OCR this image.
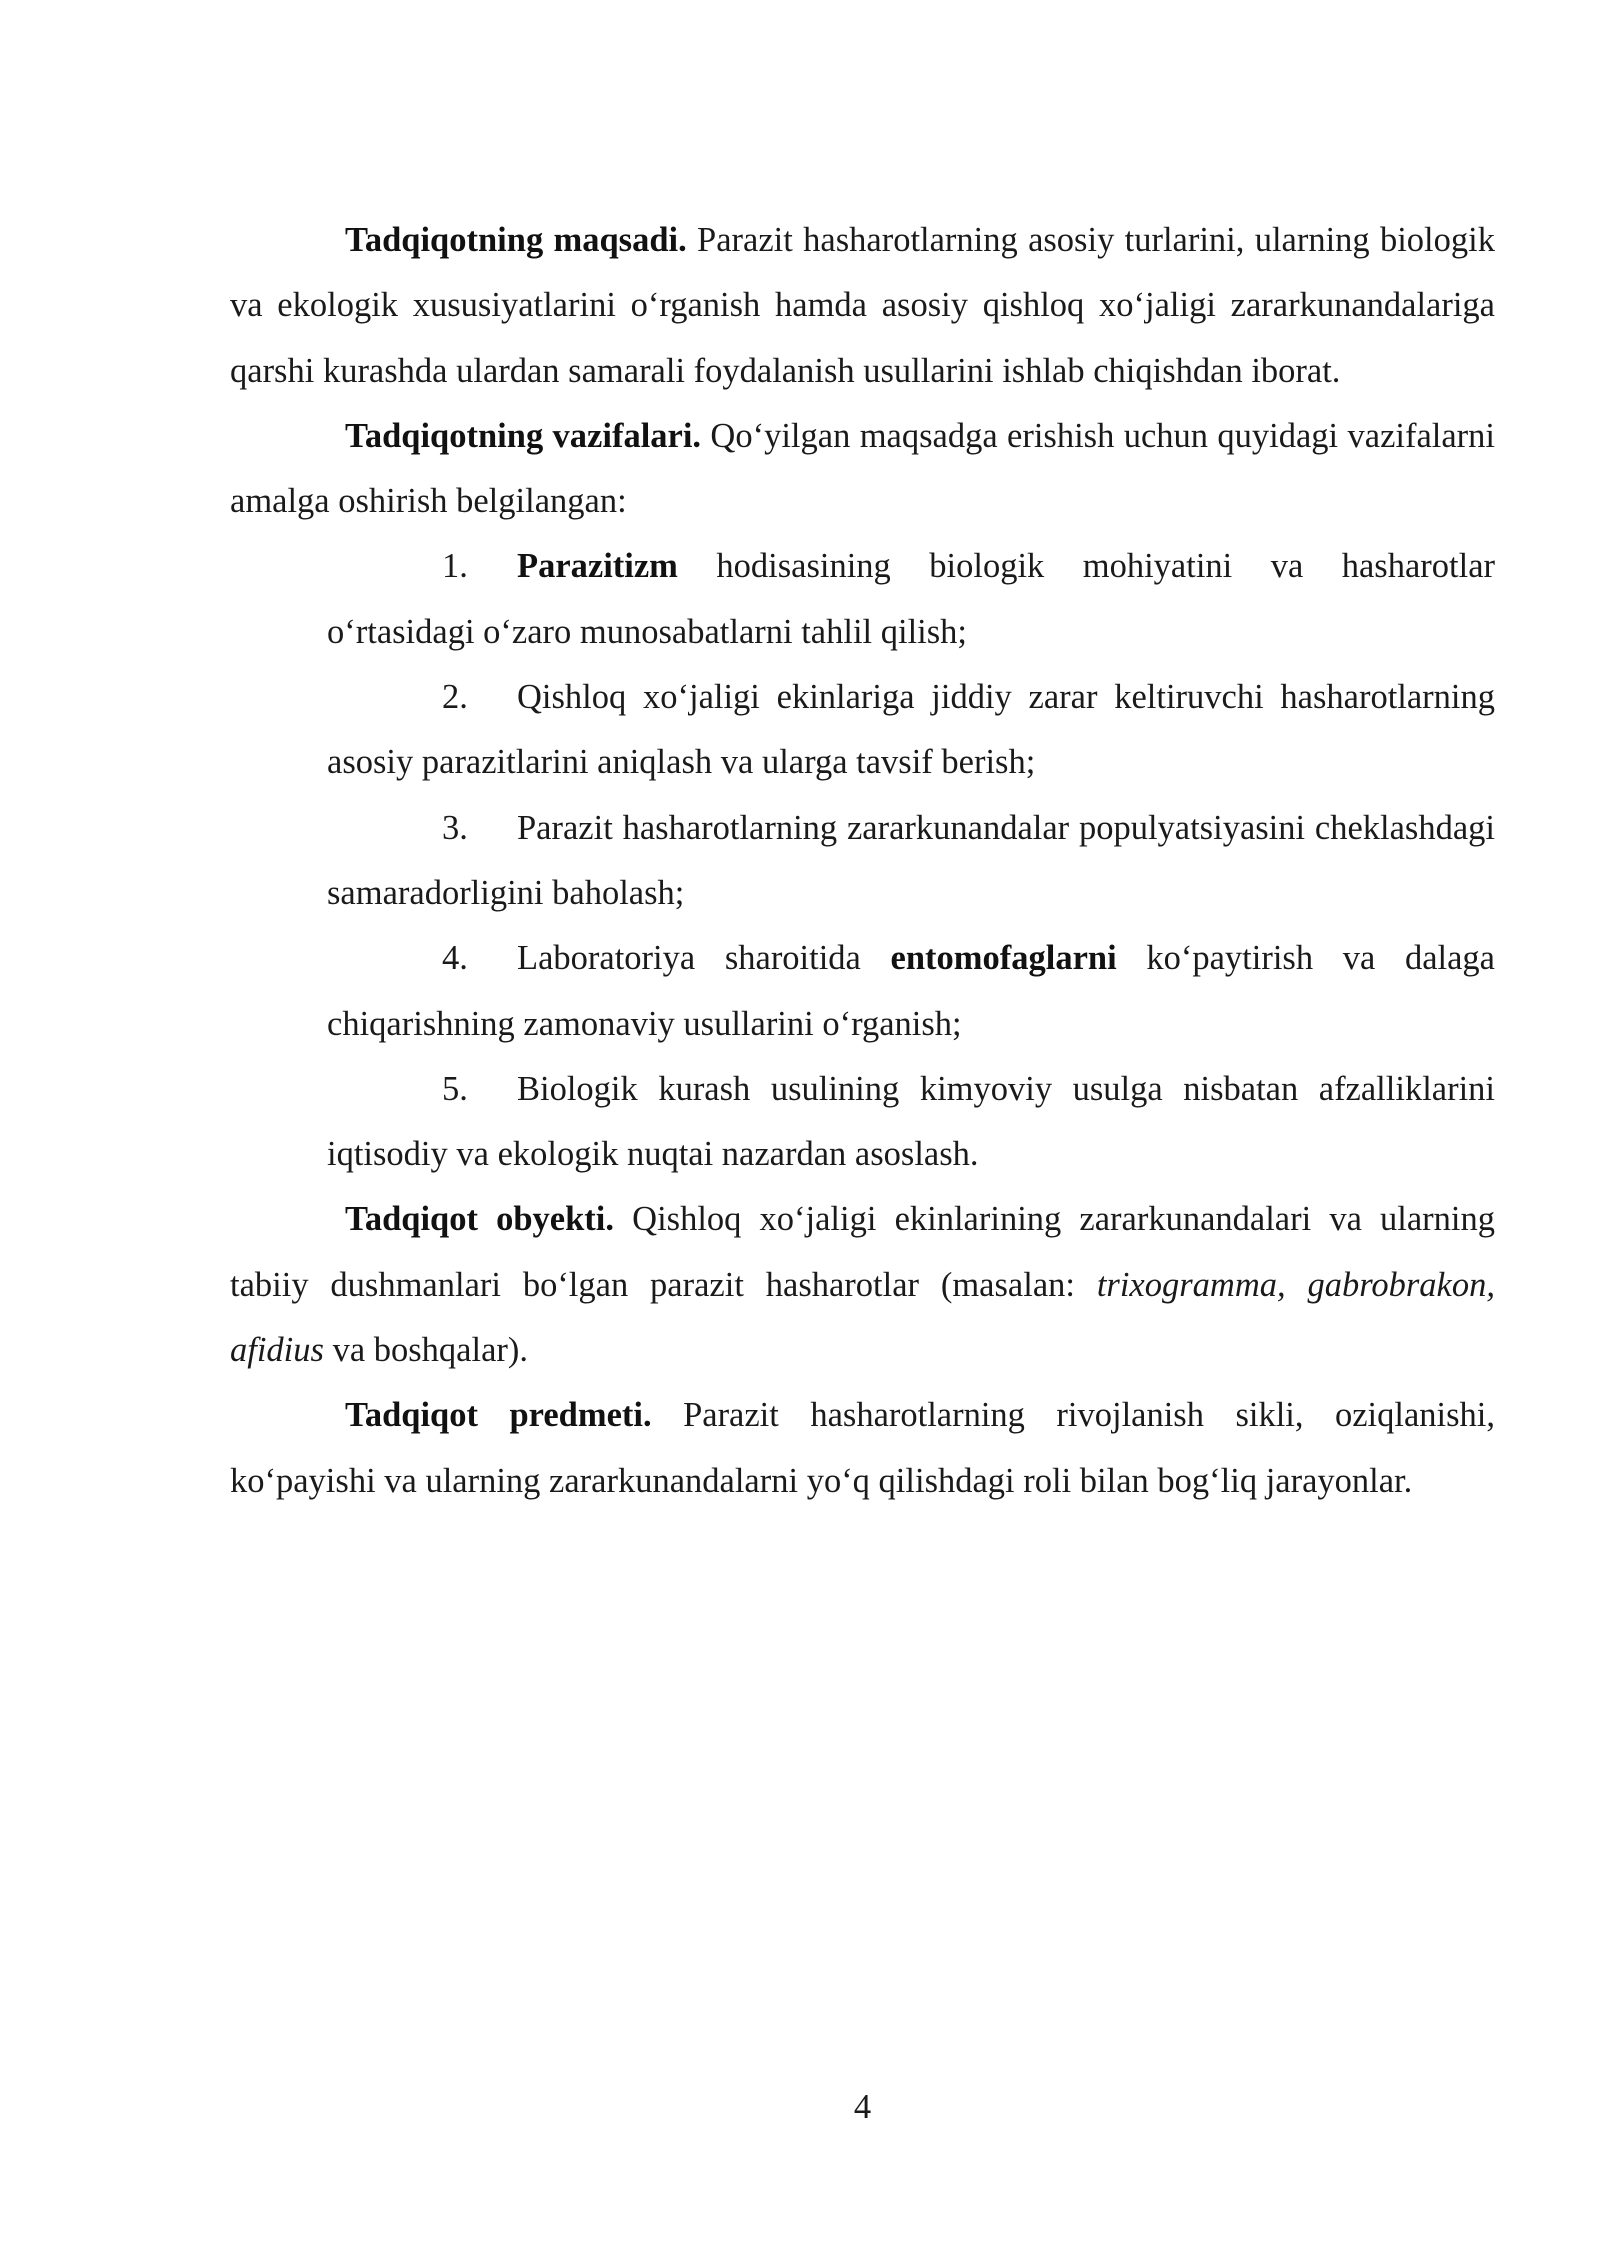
Tadqiqotning maqsadi. Parazit hasharotlarning asosiy turlarini, ularning biologik va ekologik xususiyatlarini o‘rganish hamda asosiy qishloq xo‘jaligi zararkunandalariga qarshi kurashda ulardan samarali foydalanish usullarini ishlab chiqishdan iborat.

Tadqiqotning vazifalari. Qo‘yilgan maqsadga erishish uchun quyidagi vazifalarni amalga oshirish belgilangan:

1. Parazitizm hodisasining biologik mohiyatini va hasharotlar o‘rtasidagi o‘zaro munosabatlarni tahlil qilish;

2. Qishloq xo‘jaligi ekinlariga jiddiy zarar keltiruvchi hasharotlarning asosiy parazitlarini aniqlash va ularga tavsif berish;

3. Parazit hasharotlarning zararkunandalar populyatsiyasini cheklashdagi samaradorligini baholash;

4. Laboratoriya sharoitida entomofaglarni ko‘paytirish va dalaga chiqarishning zamonaviy usullarini o‘rganish;

5. Biologik kurash usulining kimyoviy usulga nisbatan afzalliklarini iqtisodiy va ekologik nuqtai nazardan asoslash.

Tadqiqot obyekti. Qishloq xo‘jaligi ekinlarining zararkunandalari va ularning tabiiy dushmanlari bo‘lgan parazit hasharotlar (masalan: trixogramma, gabrobrakon, afidius va boshqalar).

Tadqiqot predmeti. Parazit hasharotlarning rivojlanish sikli, oziqlanishi, ko‘payishi va ularning zararkunandalarni yo‘q qilishdagi roli bilan bog‘liq jarayonlar.

4
